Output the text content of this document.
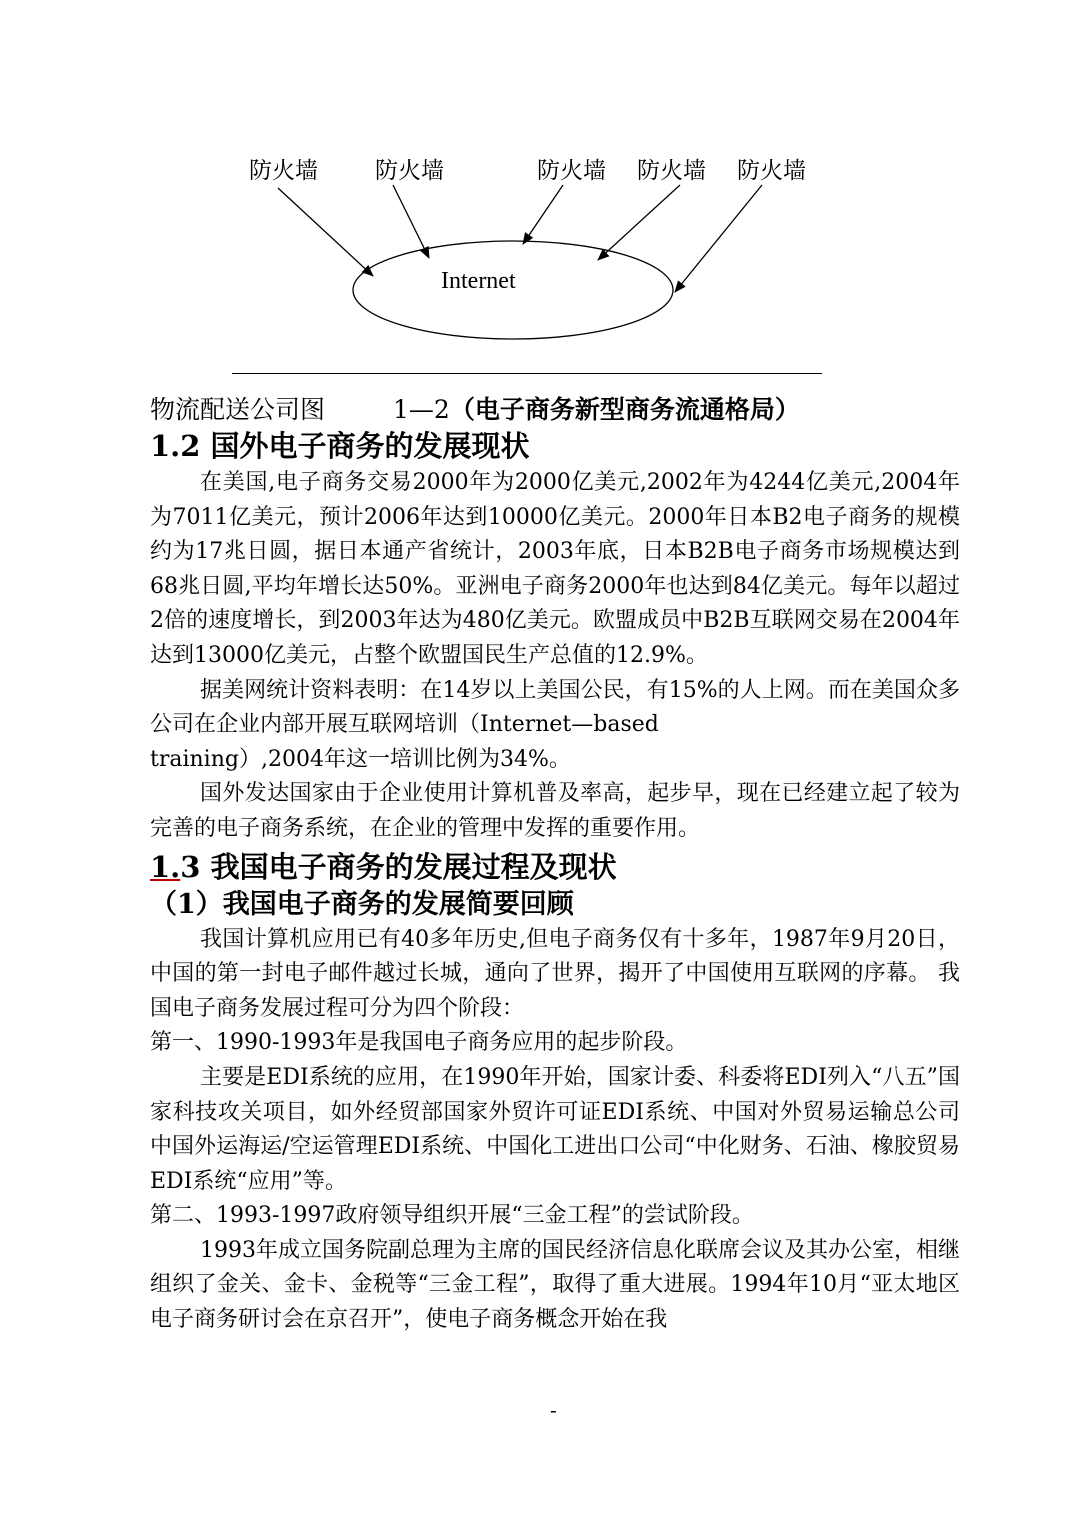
防火墙 防火墙	防火墙 防火墙 防火墙
Internet
物流配送公司图	1—2（电子商务新型商务流通格局）
1.2 国外电子商务的发展现状

在美国,电子商务交易2000年为2000亿美元,2002年为4244亿美元,2004年为7011亿美元，预计2006年达到10000亿美元。2000年日本B2电子商务的规模约为17兆日圆，据日本通产省统计，2003年底，日本B2B电子商务市场规模达到68兆日圆,平均年增长达50%。亚洲电子商务2000年也达到84亿美元。每年以超过2倍的速度增长，到2003年达为480亿美元。欧盟成员中B2B互联网交易在2004年达到13000亿美元，占整个欧盟国民生产总值的12.9%。

据美网统计资料表明：在14岁以上美国公民，有15%的人上网。而在美国众多公司在企业内部开展互联网培训（Internet—based

training）,2004年这一培训比例为34%。

国外发达国家由于企业使用计算机普及率高，起步早，现在已经建立起了较为完善的电子商务系统，在企业的管理中发挥的重要作用。

1.3 我国电子商务的发展过程及现状
（1）我国电子商务的发展简要回顾

我国计算机应用已有40多年历史,但电子商务仅有十多年，1987年9月20日，中国的第一封电子邮件越过长城，通向了世界，揭开了中国使用互联网的序幕。 我国电子商务发展过程可分为四个阶段：

第一、1990-1993年是我国电子商务应用的起步阶段。

主要是EDI系统的应用，在1990年开始，国家计委、科委将EDI列入“八五”国家科技攻关项目，如外经贸部国家外贸许可证EDI系统、中国对外贸易运输总公司中国外运海运/空运管理EDI系统、中国化工进出口公司“中化财务、石油、橡胶贸易EDI系统“应用”等。

第二、1993-1997政府领导组织开展“三金工程”的尝试阶段。

1993年成立国务院副总理为主席的国民经济信息化联席会议及其办公室，相继组织了金关、金卡、金税等“三金工程”，取得了重大进展。1994年10月“亚太地区电子商务研讨会在京召开”，使电子商务概念开始在我

-
